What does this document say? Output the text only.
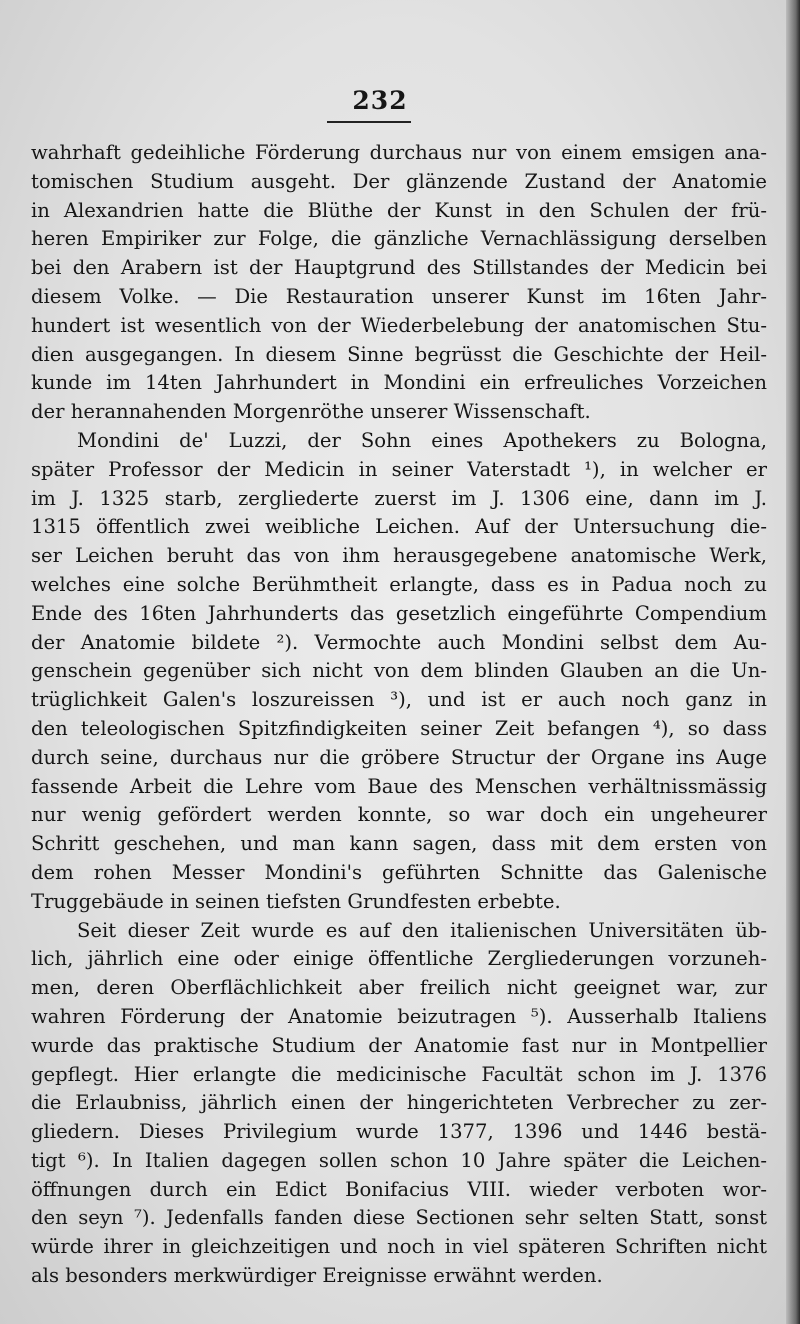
232
wahrhaft gedeihliche Förderung durchaus nur von einem emsigen ana-
tomischen Studium ausgeht. Der glänzende Zustand der Anatomie
in Alexandrien hatte die Blüthe der Kunst in den Schulen der frü-
heren Empiriker zur Folge, die gänzliche Vernachlässigung derselben
bei den Arabern ist der Hauptgrund des Stillstandes der Medicin bei
diesem Volke. — Die Restauration unserer Kunst im 16ten Jahr-
hundert ist wesentlich von der Wiederbelebung der anatomischen Stu-
dien ausgegangen. In diesem Sinne begrüsst die Geschichte der Heil-
kunde im 14ten Jahrhundert in Mondini ein erfreuliches Vorzeichen
der herannahenden Morgenröthe unserer Wissenschaft.
Mondini de' Luzzi, der Sohn eines Apothekers zu Bologna,
später Professor der Medicin in seiner Vaterstadt ¹), in welcher er
im J. 1325 starb, zergliederte zuerst im J. 1306 eine, dann im J.
1315 öffentlich zwei weibliche Leichen. Auf der Untersuchung die-
ser Leichen beruht das von ihm herausgegebene anatomische Werk,
welches eine solche Berühmtheit erlangte, dass es in Padua noch zu
Ende des 16ten Jahrhunderts das gesetzlich eingeführte Compendium
der Anatomie bildete ²). Vermochte auch Mondini selbst dem Au-
genschein gegenüber sich nicht von dem blinden Glauben an die Un-
trüglichkeit Galen's loszureissen ³), und ist er auch noch ganz in
den teleologischen Spitzfindigkeiten seiner Zeit befangen ⁴), so dass
durch seine, durchaus nur die gröbere Structur der Organe ins Auge
fassende Arbeit die Lehre vom Baue des Menschen verhältnissmässig
nur wenig gefördert werden konnte, so war doch ein ungeheurer
Schritt geschehen, und man kann sagen, dass mit dem ersten von
dem rohen Messer Mondini's geführten Schnitte das Galenische
Truggebäude in seinen tiefsten Grundfesten erbebte.
Seit dieser Zeit wurde es auf den italienischen Universitäten üb-
lich, jährlich eine oder einige öffentliche Zergliederungen vorzuneh-
men, deren Oberflächlichkeit aber freilich nicht geeignet war, zur
wahren Förderung der Anatomie beizutragen ⁵). Ausserhalb Italiens
wurde das praktische Studium der Anatomie fast nur in Montpellier
gepflegt. Hier erlangte die medicinische Facultät schon im J. 1376
die Erlaubniss, jährlich einen der hingerichteten Verbrecher zu zer-
gliedern. Dieses Privilegium wurde 1377, 1396 und 1446 bestä-
tigt ⁶). In Italien dagegen sollen schon 10 Jahre später die Leichen-
öffnungen durch ein Edict Bonifacius VIII. wieder verboten wor-
den seyn ⁷). Jedenfalls fanden diese Sectionen sehr selten Statt, sonst
würde ihrer in gleichzeitigen und noch in viel späteren Schriften nicht
als besonders merkwürdiger Ereignisse erwähnt werden.
